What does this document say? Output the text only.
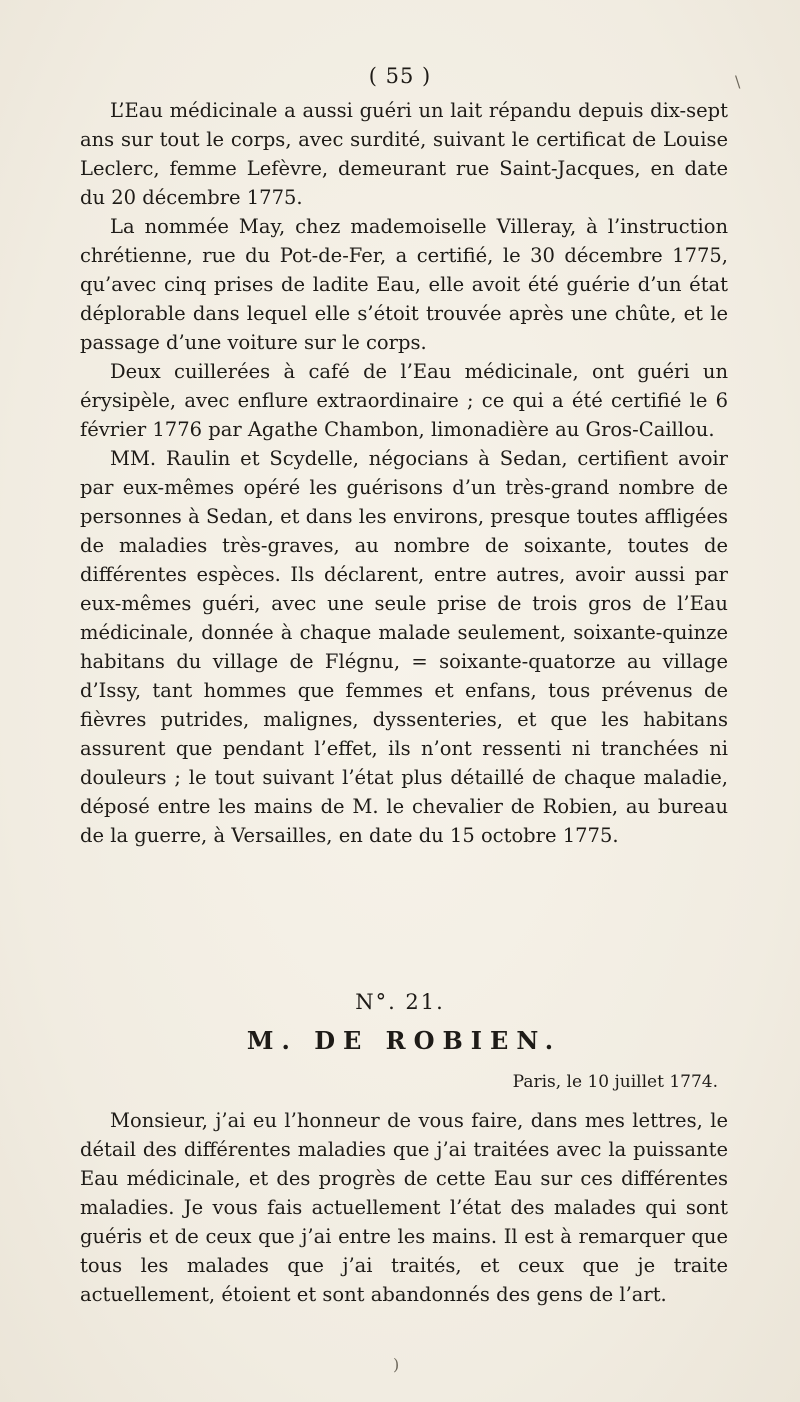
\
( 55 )

L’Eau médicinale a aussi guéri un lait répandu depuis dix-sept ans sur tout le corps, avec surdité, suivant le certificat de Louise Leclerc, femme Lefèvre, demeurant rue Saint-Jacques, en date du 20 décembre 1775.

La nommée May, chez mademoiselle Villeray, à l’instruction chrétienne, rue du Pot-de-Fer, a certifié, le 30 décembre 1775, qu’avec cinq prises de ladite Eau, elle avoit été guérie d’un état déplorable dans lequel elle s’étoit trouvée après une chûte, et le passage d’une voiture sur le corps.

Deux cuillerées à café de l’Eau médicinale, ont guéri un érysipèle, avec enflure extraordinaire ; ce qui a été certifié le 6 février 1776 par Agathe Chambon, limonadière au Gros-Caillou.

MM. Raulin et Scydelle, négocians à Sedan, certifient avoir par eux-mêmes opéré les guérisons d’un très-grand nombre de personnes à Sedan, et dans les environs, presque toutes affligées de maladies très-graves, au nombre de soixante, toutes de différentes espèces. Ils déclarent, entre autres, avoir aussi par eux-mêmes guéri, avec une seule prise de trois gros de l’Eau médicinale, donnée à chaque malade seulement, soixante-quinze habitans du village de Flégnu, = soixante-quatorze au village d’Issy, tant hommes que femmes et enfans, tous prévenus de fièvres putrides, malignes, dyssenteries, et que les habitans assurent que pendant l’effet, ils n’ont ressenti ni tranchées ni douleurs ; le tout suivant l’état plus détaillé de chaque maladie, déposé entre les mains de M. le chevalier de Robien, au bureau de la guerre, à Versailles, en date du 15 octobre 1775.

N°. 21.
M. DE ROBIEN.
Paris, le 10 juillet 1774.

Monsieur, j’ai eu l’honneur de vous faire, dans mes lettres, le détail des différentes maladies que j’ai traitées avec la puissante Eau médicinale, et des progrès de cette Eau sur ces différentes maladies. Je vous fais actuellement l’état des malades qui sont guéris et de ceux que j’ai entre les mains. Il est à remarquer que tous les malades que j’ai traités, et ceux que je traite actuellement, étoient et sont abandonnés des gens de l’art.

)
